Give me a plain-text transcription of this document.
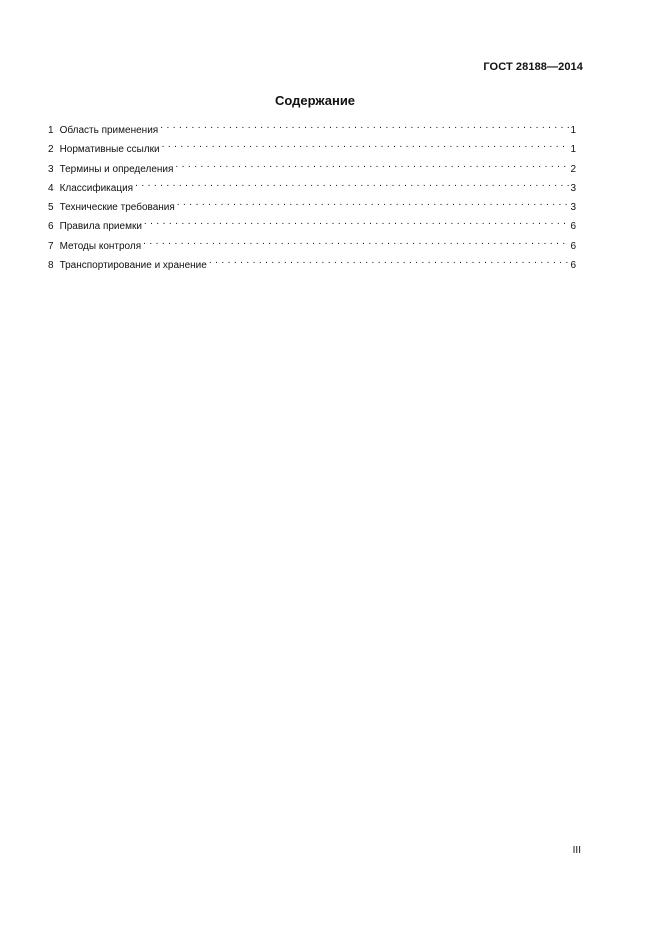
ГОСТ 28188—2014
Содержание
1 Область применения . . .	1
2 Нормативные ссылки . . .	1
3 Термины и определения . . .	2
4 Классификация . . .	3
5 Технические требования . . .	3
6 Правила приемки . . .	6
7 Методы контроля . . .	6
8 Транспортирование и хранение . . .	6
III
